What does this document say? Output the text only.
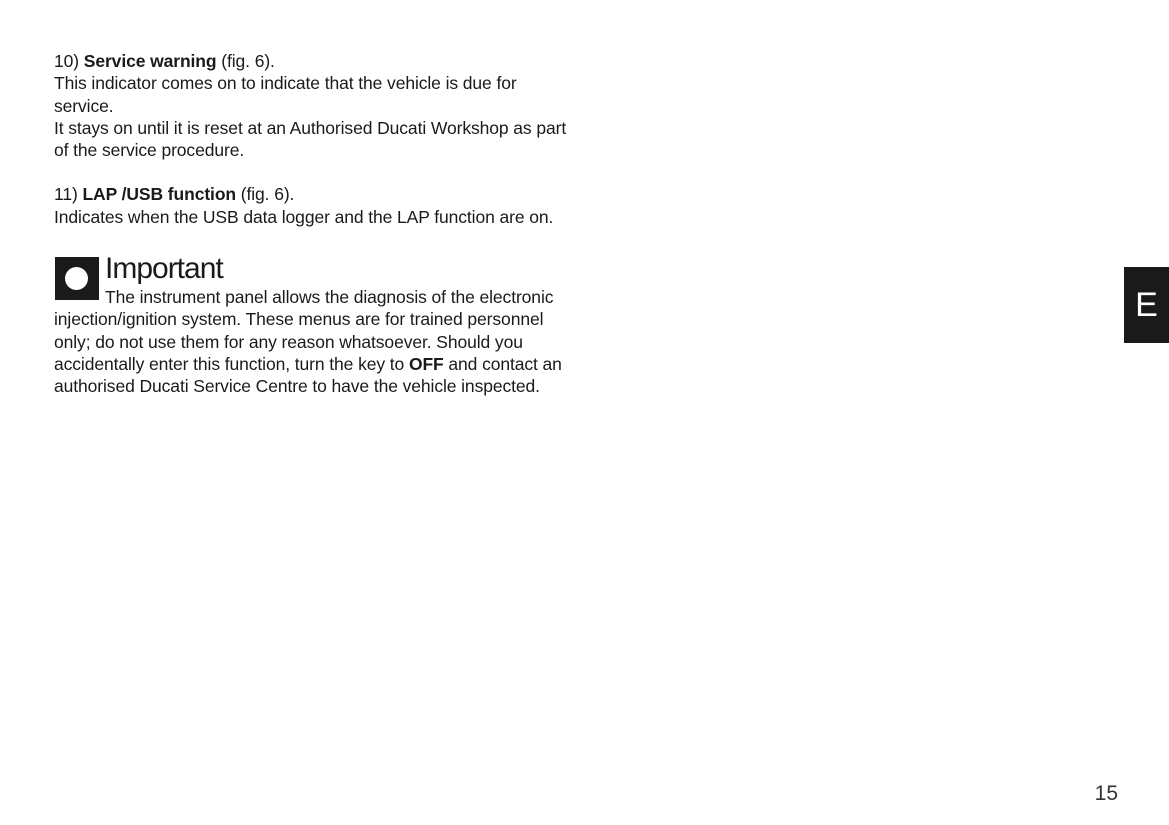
10) Service warning (fig. 6).

This indicator comes on to indicate that the vehicle is due for service.

It stays on until it is reset at an Authorised Ducati Workshop as part of the service procedure.

11) LAP /USB function (fig. 6).

Indicates when the USB data logger and the LAP function are on.

Important

The instrument panel allows the diagnosis of the electronic injection/ignition system. These menus are for trained personnel only; do not use them for any reason whatsoever. Should you accidentally enter this function, turn the key to OFF and contact an authorised Ducati Service Centre to have the vehicle inspected.

E
15
